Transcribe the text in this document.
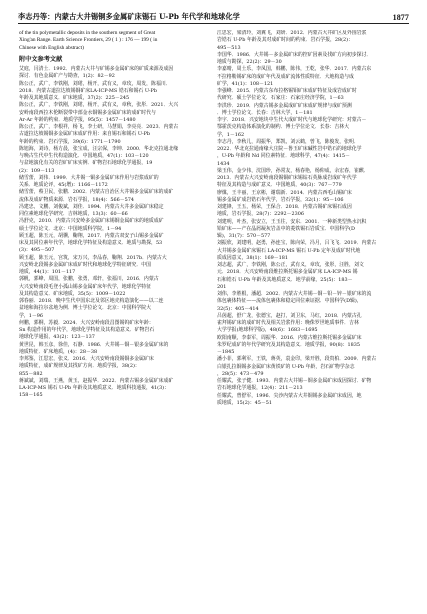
李志丹等：内蒙古大井锡铜多金属矿床锡石 U-Pb 年代学和地球化学	1877
of the tin polymetallic deposits in the southern segment of Great
Xing'an Range. Earth Science Frontiers, 29 ( 1 ) : 176 — 199 ( in
Chinese with English abstract)
附中文参考文献
艾庭，闫清士．1992．内蒙古大井与矿锡多金属矿床的矿质来源及成因
探讨．有色金属矿产与勘查，1(2)：82－92
陈公正，武广，李铁刚，刘珺，杨开，武有义，章玫，周发，陈福川．
2018．内蒙古道拉达坡锡铜矿床LA-ICP-MS 锆石和锡石 U-Pb
年龄及其地质意义．矿床地质，37(2)：225－245
陈公正，武广，李铁刚，刘珺，杨开，武有义，章秋，张彤．2021．大兴
安岭南段西拉木伦断裂带中部金水铜锡多金属矿床的成矿时代与
Ar-Ar 年龄的约束．地质学报，95(5)：1457－1480
陈公正，武广，李根祥，杨飞，李士研，马慧娟，李亮亮．2023．内蒙古
古道拉达坡锡铜多金属矿床成矿作用：来自锡石和锡石 U-Pb
年龄的约束．岩石学报，39(6)：1771－1790
陈旭海，刘诗，杨方晨，张宝成，汪宗保，李坤．2000．华北克拉通北缘
与晚古生代中生代构造演化．中国地质，47(1)：103－120
与盆地演化有关的岩矿矿床实例．矿物岩石地球化学通报，19
(2)：109－113
储雪蕾，刘伟．1999．大井锡一铜多金属矿床作用与岩浆成矿的
关系．地质论评，45(增)：1166－1172
储雪蕾，蔡卫民，张鹏．2002．内蒙古自治区大井锡多金属矿床的成矿
流体及成矿物质来源．岩石学报，18(4)：566－574
冯建忠，文鹏，刘俊斌，刘佳．1994．内蒙古大井多金属矿床稳定
同位素地球化学研究．吉林地质，13(3)：60－66
冯舒克，2010．内蒙古兴安岭多金属矿床锡铜金属矿床的地质成矿
硕士学位论文．北京：中国地质科学院，1－94
顾玉超，陈玉元，胡骥，鞠翔，2017．内蒙古双安子山锡多金属矿
床及其同位素年代学，地球化学特征及构造意义．地质与勘探，53
(3)：495－507
顾玉超，陈玉元，宫筑，宋万兴，李品春，鞠翔．2017b．内蒙古大
兴安岭北段锡多金属矿床成矿时代和地球化学特征研究．中国
地质，44(1)：101－117
郭帆，郭峰，周国，张鹏，张勇，邓轩，张福川，2016．内蒙古
大兴安岭南段毛登小孤山锡多金属矿床年代学，地球化学特征
及其构造意义．矿床地质，35(5)：1009－1022
郭春丽．2018．晚中生代中国东北及邻区地壳构造演化——以二连
盆地和海拉尔盆地为例．博士学位论文．北京：中国科学院大
学，1－96
何鹏，郭桐，苏毅．2024．大兴安岭南段昌图锡钨矿床年龄：
Sn 构造作用的年代学，地球化学特征及其构造意义．矿物岩石
地球化学通报，43(2)：123－137
黄世昆，韩玉彦，徐佳，石静．1986．大井锡－铜－银多金属矿床的
地质特征．矿床地质，(4)：28－38
李邦鉴，江思宏，张义．2016．大兴安岭南段锡铜多金属矿床
地质特征，成矿规律及其找矿方向．地质学报，38(2)：
855－882
蒋斌斌，刘瑞，王燕，黄玉，赵振华．2022．内蒙古锡多金属矿床成矿
LA-ICP-MS 锡石 U-Pb 年龄及其地质意义．地质科技通报，41(3)：
158－165
江思宏，梁清玲，刘翼飞，刘妍．2012．内蒙古大井矿区及外围岩浆
岩锆石 U-Pb 年龄及其对成矿时间的约束．岩石学报，28(2)：
495－513
李国华．1986．大井锡－多金属矿床的控矿因素及找矿方向初步探讨．
地质与勘探，22(2)：29－30
李嘉晴，周土乐，李凤国，韩鹏，陈伟，王乾，张华．2017．内蒙古东
不拉格勒锡矿床的成矿年代及成矿流体性质特征．大地构造与成
矿学，41(1)：108－121
李强峰．2015．内蒙古东布拉格锡钼矿床成矿特征及成岩成矿时
代研究．硕士学位论文．石家庄：石家庄经济学院，1－63
李洪珍．2019．内蒙古锡多金属成矿矿床成矿规律与成矿预测
．博士学位论文．长春：吉林大学，1－181
李宇．2018．兴安地块中生代大成矿时代与地球化学研究：对蒙古－
鄂霍茨克构造体系演化的制约．博士学位论文．长春：吉林大
学，1－162
李志丹，李秋儿，周振华，郑凯，刘云鹤，曾飞，陈俊发，张明．
2022．华北克拉通南缘大庄院－鲁玉矿床碱性岩中锆石的地球化学
，U-Pb 年龄和 Nd 同位素特征．地球科学，47(4)：1415－
1434
梁玉伟，金少伟，沈国珍，孙常友，杨春艳，杨仰成，余宏春，崔麒．
2013．内蒙古大兴安岭南段锡铜矿床锡钻石英脉成岩成矿年代学
特征及其构造与成矿意义．中国地质，40(3)：767－779
廖煤，王丰丽，王京彬，谢瑞新．2014．内蒙古西毛山锡矿床
锡多金属矿成岩锆石年代学，岩石学报，32(1)：95－106
刘建锋，王五，杨荣，王保合．2018．内蒙古锡矿床锡石成因
地质，岩石学报，28(7)：2292－2306
刘建明，叶杰，张安立，王玉往，安东．2001．一种新类型热水沉积
铅矿床——产在晶屑凝灰岩盖中的菱铁锡石岩质宝．中国科学(D
辑)，31(7)：570－577
刘振欣，刘建明，赵勇，孙连宝，陈向荣，冯月，吕飞飞．2019．内蒙古
大井锡多金属矿床锡石 LA-ICP-MS 锡石 U-Pb 定年及成矿时代地
质成因意义，38(1)：169－181
刘志超，武广，李铁刚，陈公正，武有义，章玫，张彤，汪胜，刘文
元．2018．大兴安岭南段维拉斯托锡多金属矿床 LA-ICP-MS 锡
石和锆石 U-Pb 年龄及其地质意义．地学前缘，25(5)：183－
201
刘伟，李胜根，潘超．2002．内蒙古大井锡－铜－铅－锌－银矿床的流
体包裹体特征——流体包裹体和稳定同位素证据．中国科学(D辑)，
32(5)：405－414
吕茵超，舒广龙，张德宝，赵打，刘卫东，马红，2018．内蒙古孔
雀拜锡矿床的成矿时代及相关岩浆作用：晚侏罗世地质事件．吉林
大学学报(地球科学版)，48(6)：1683－1695
欧阳南顺，李泰军，周振华．2016．内蒙古维拉斯托锡多金属矿床
朱罗纪成矿的年代学研究及其构造意义．地质学报，90(8)：1835
－1845
潘小菲，郭利军，王铁，蒋英，袁金印，梁开胜，段贵柏．2009．内蒙古
白银扎拉铜锡多金属矿床黄铁矿的 U-Pb 年龄，岩石矿物学杂志
，28(5)：473－479
任耀武，张子健．1993．内蒙古大井锡－铜多金属矿床成因探讨．矿物
岩石地球化学通报，12(4)：211－213
任耀武，曾舒军，1996．尖沙内蒙古大井铜锡多金属矿床成因，地
质地质，15(2)：45－51
